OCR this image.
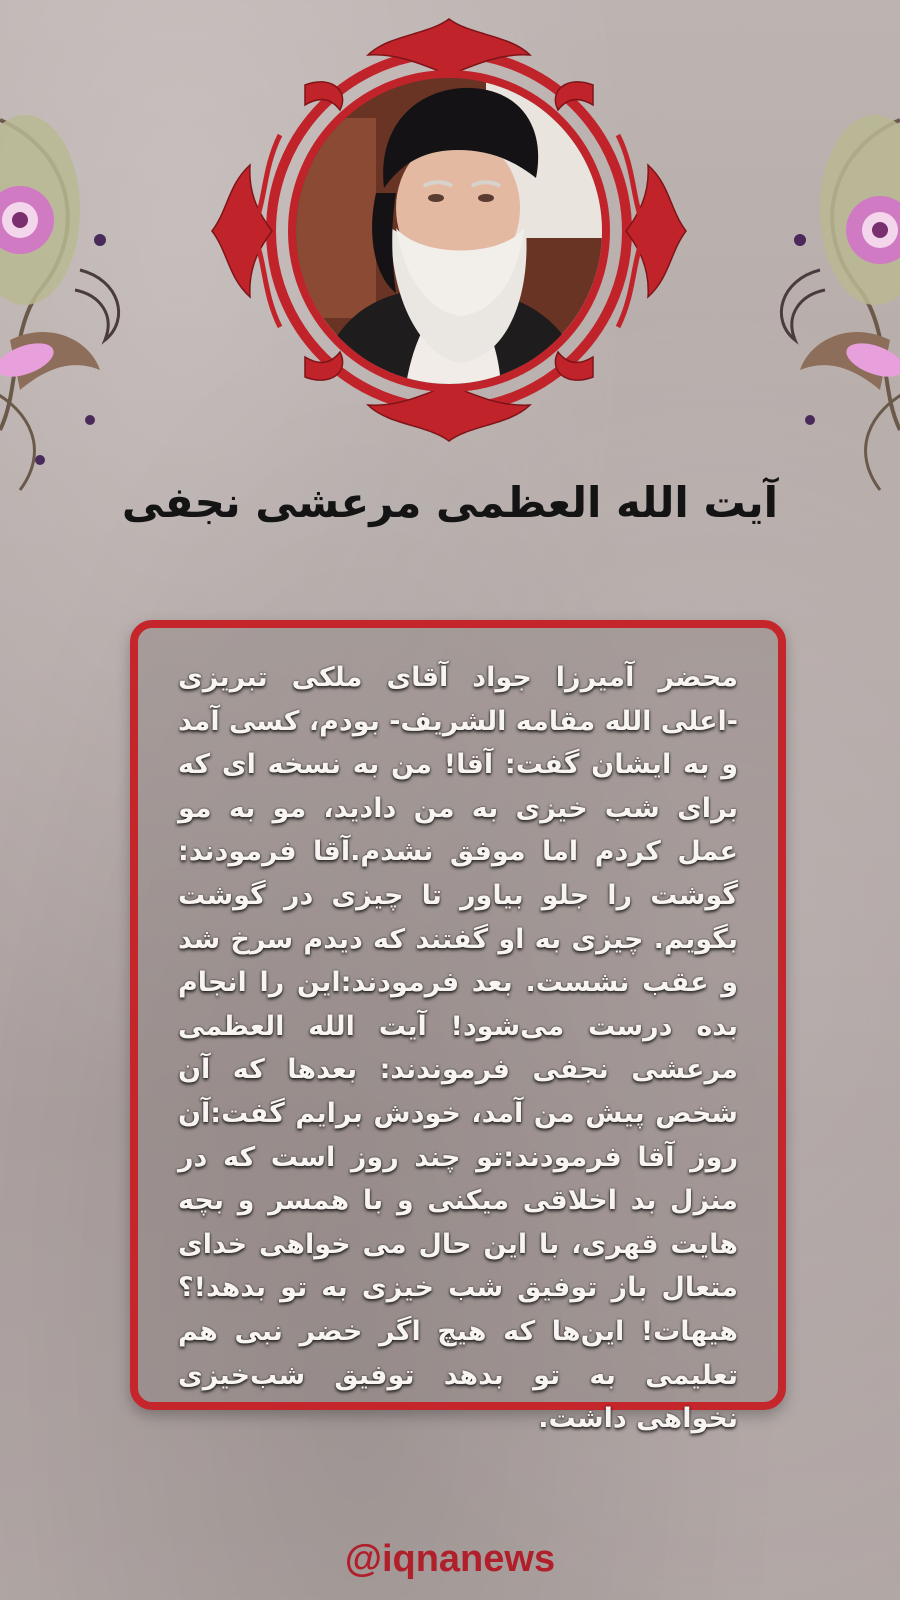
آیت الله العظمی مرعشی نجفی
محضر آمیرزا جواد آقای ملکی تبریزی -اعلی الله مقامه الشریف- بودم، کسی آمد و به ایشان گفت: آقا! من به نسخه ای که برای شب خیزی به من دادید، مو به مو عمل کردم اما موفق نشدم.آقا فرمودند: گوشت را جلو بیاور تا چیزی در گوشت بگویم. چیزی به او گفتند که دیدم سرخ شد و عقب نشست. بعد فرمودند:این را انجام بده درست می‌شود! آیت الله العظمی مرعشی نجفی فرموندند: بعدها که آن شخص پیش من آمد، خودش برایم گفت:آن روز آقا فرمودند:تو چند روز است که در منزل بد اخلاقی میکنی و با همسر و بچه هایت قهری، با این حال می خواهی خدای متعال باز توفیق شب خیزی به تو بدهد!؟ هیهات! این‌ها که هیچ اگر خضر نبی هم تعلیمی به تو بدهد توفیق شب‌خیزی نخواهی داشت.
@iqnanews
